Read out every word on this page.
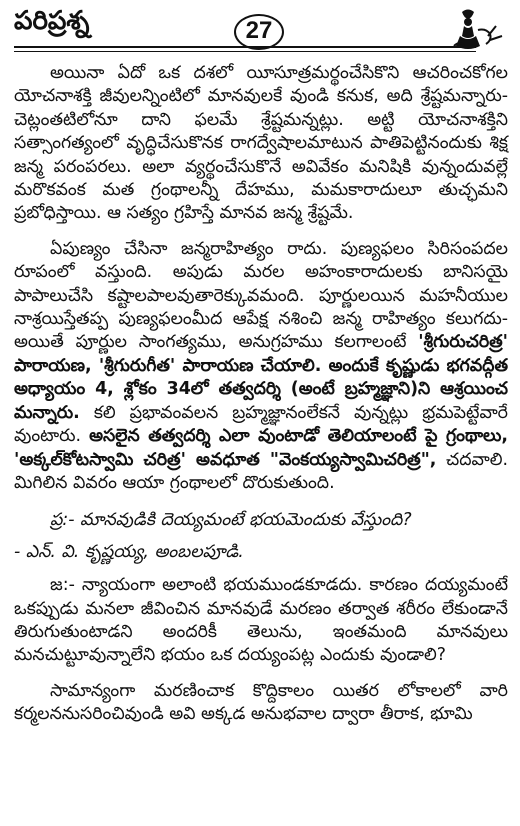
పరిప్రశ్న	27

అయినా ఏదో ఒక దశలో యీసూత్రమర్థంచేసికొని ఆచరించకోగల యోచనాశక్తి జీవులన్నింటిలో మానవులకే వుండి కనుక, అది శ్రేష్టమన్నారు-చెట్లంతటిలోనూ దాని ఫలమే శ్రేష్టమన్నట్లు. అట్టి యోచనాశక్తిని సత్సాంగత్యంలో వృద్ధిచేసుకొనక రాగద్వేషాలమాటున పాతిపెట్టినందుకు శిక్ష జన్మ పరంపరలు. అలా వ్యర్థంచేసుకొనే అవివేకం మనిషికి వున్నందువల్లే మరొకవంక మత గ్రంథాలన్నీ దేహము, మమకారాదులూ తుచ్ఛమని ప్రబోధిస్తాయి. ఆ సత్యం గ్రహిస్తే మానవ జన్మ శ్రేష్టమే.

ఏపుణ్యం చేసినా జన్మరాహిత్యం రాదు. పుణ్యఫలం సిరిసంపదల రూపంలో వస్తుంది. అపుడు మరల అహంకారాదులకు బానిసయై పాపాలుచేసి కష్టాలపాలవుతారెక్కువమంది. పూర్ణులయిన మహనీయుల నాశ్రయిస్తేతప్ప పుణ్యఫలంమీద ఆపేక్ష నశించి జన్మ రాహిత్యం కలుగదు-అయితే పూర్ణుల సాంగత్యము, అనుగ్రహము కలగాలంటే 'శ్రీగురుచరిత్ర' పారాయణ, 'శ్రీగురుగీత' పారాయణ చేయాలి. అందుకే కృష్ణుడు భగవద్గీత అధ్యాయం 4, శ్లోకం 34లో తత్వదర్శి (అంటే బ్రహ్మజ్ఞాని)ని ఆశ్రయించ మన్నారు. కలి ప్రభావంవలన బ్రహ్మజ్ఞానంలేకనే వున్నట్లు భ్రమపెట్టేవారే వుంటారు. అసలైన తత్వదర్శి ఎలా వుంటాడో తెలియాలంటే పై గ్రంథాలు, 'అక్కల్‌కోటస్వామి చరిత్ర' అవధూత "వెంకయ్యస్వామిచరిత్ర", చదవాలి. మిగిలిన వివరం ఆయా గ్రంథాలలో దొరుకుతుంది.

ప్ర:- మానవుడికి దెయ్యమంటే భయమెందుకు వేస్తుంది?

- ఎన్. వి. కృష్ణయ్య, అంబలపూడి.

జ:- న్యాయంగా అలాంటి భయముండకూడదు. కారణం దయ్యమంటే ఒకప్పుడు మనలా జీవించిన మానవుడే మరణం తర్వాత శరీరం లేకుండానే తిరుగుతుంటాడని అందరికీ తెలును, ఇంతమంది మానవులు మనచుట్టూవున్నాలేని భయం ఒక దయ్యంపట్ల ఎందుకు వుండాలి?

సామాన్యంగా మరణించాక కొద్దికాలం యితర లోకాలలో వారి కర్మలననుసరించివుండి అవి అక్కడ అనుభవాల ద్వారా తీరాక, భూమి
